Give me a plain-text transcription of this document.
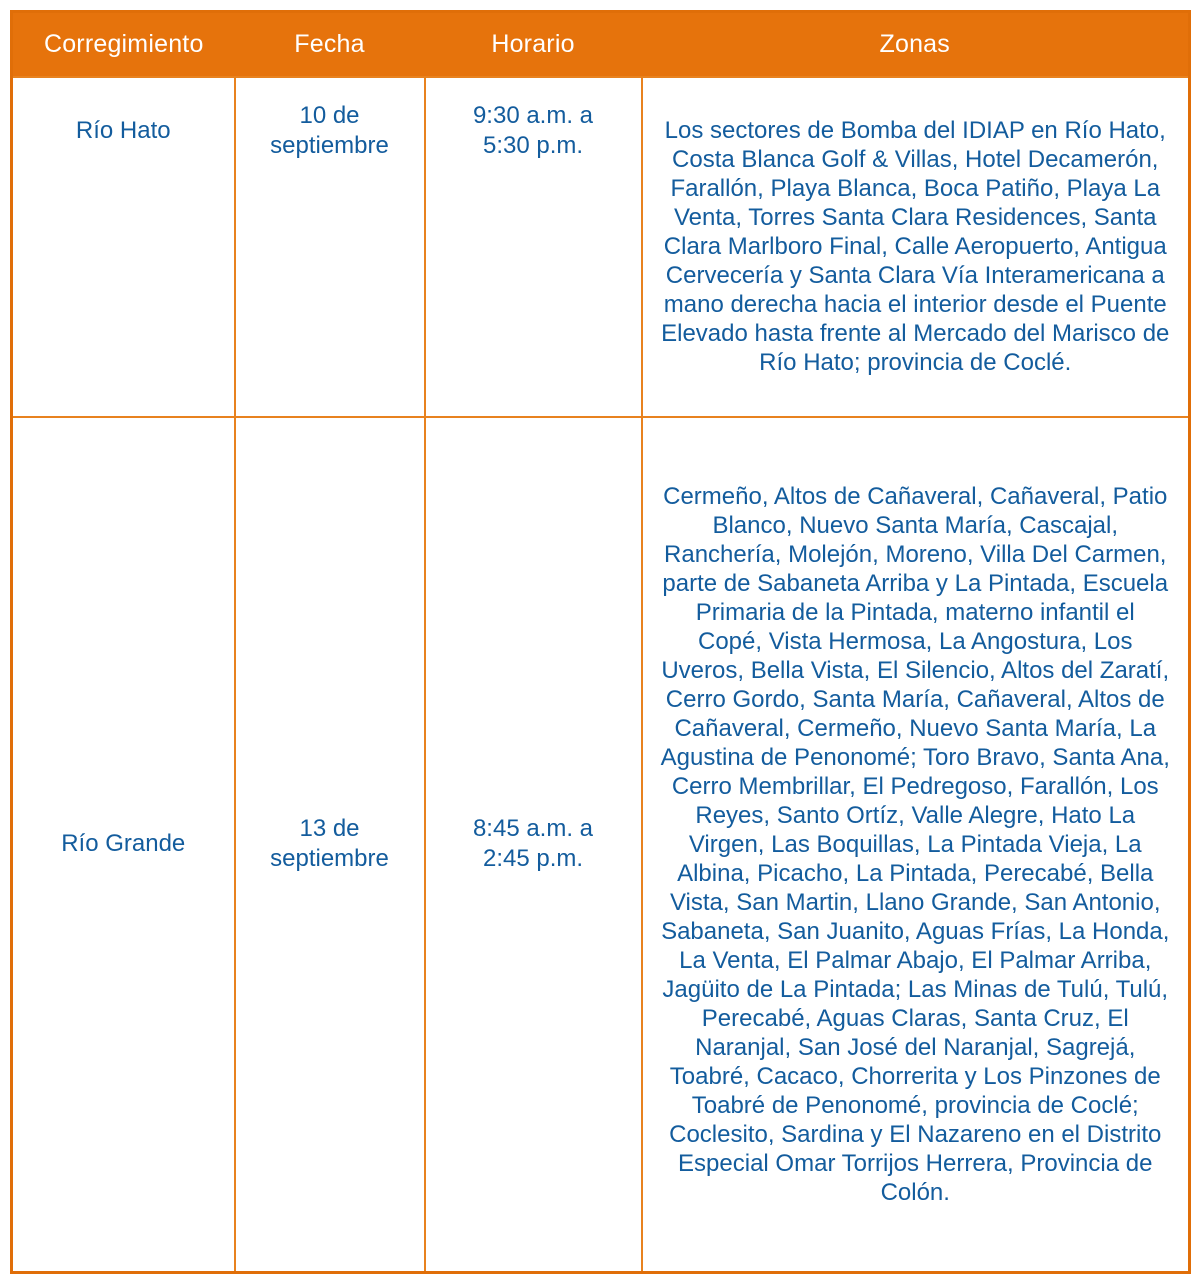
Corregimiento	Fecha	Horario	Zonas

Río Hato	10 de septiembre	9:30 a.m. a 5:30 p.m.	Los sectores de Bomba del IDIAP en Río Hato, Costa Blanca Golf & Villas, Hotel Decamerón, Farallón, Playa Blanca, Boca Patiño, Playa La Venta, Torres Santa Clara Residences, Santa Clara Marlboro Final, Calle Aeropuerto, Antigua Cervecería y Santa Clara Vía Interamericana a mano derecha hacia el interior desde el Puente Elevado hasta frente al Mercado del Marisco de Río Hato; provincia de Coclé.
Río Grande	13 de septiembre	8:45 a.m. a 2:45 p.m.	Cermeño, Altos de Cañaveral, Cañaveral, Patio Blanco, Nuevo Santa María, Cascajal, Ranchería, Molejón, Moreno, Villa Del Carmen, parte de Sabaneta Arriba y La Pintada, Escuela Primaria de la Pintada, materno infantil el Copé, Vista Hermosa, La Angostura, Los Uveros, Bella Vista, El Silencio, Altos del Zaratí, Cerro Gordo, Santa María, Cañaveral, Altos de Cañaveral, Cermeño, Nuevo Santa María, La Agustina de Penonomé; Toro Bravo, Santa Ana, Cerro Membrillar, El Pedregoso, Farallón, Los Reyes, Santo Ortíz, Valle Alegre, Hato La Virgen, Las Boquillas, La Pintada Vieja, La Albina, Picacho, La Pintada, Perecabé, Bella Vista, San Martin, Llano Grande, San Antonio, Sabaneta, San Juanito, Aguas Frías, La Honda, La Venta, El Palmar Abajo, El Palmar Arriba, Jagüito de La Pintada; Las Minas de Tulú, Tulú, Perecabé, Aguas Claras, Santa Cruz, El Naranjal, San José del Naranjal, Sagrejá, Toabré, Cacaco, Chorrerita y Los Pinzones de Toabré de Penonomé, provincia de Coclé; Coclesito, Sardina y El Nazareno en el Distrito Especial Omar Torrijos Herrera, Provincia de Colón.
